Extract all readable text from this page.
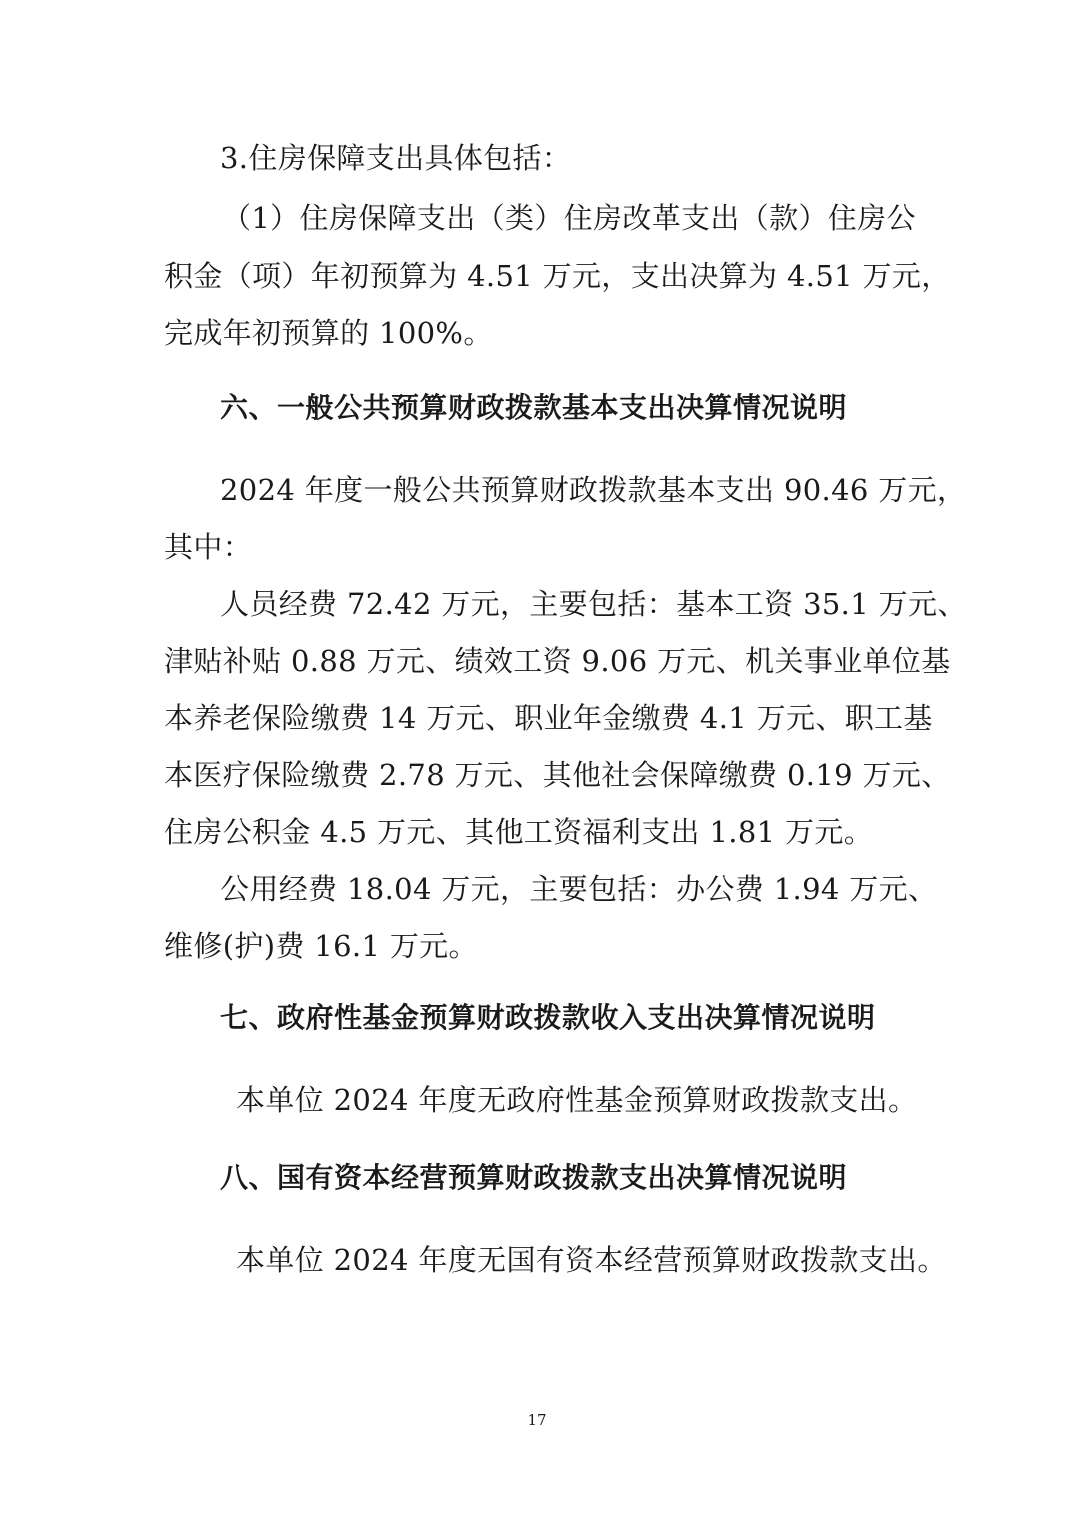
3.住房保障支出具体包括：

（1）住房保障支出（类）住房改革支出（款）住房公

积金（项）年初预算为 4.51 万元，支出决算为 4.51 万元，

完成年初预算的 100%。

六、一般公共预算财政拨款基本支出决算情况说明

2024 年度一般公共预算财政拨款基本支出 90.46 万元，

其中：

人员经费 72.42 万元，主要包括：基本工资 35.1 万元、

津贴补贴 0.88 万元、绩效工资 9.06 万元、机关事业单位基

本养老保险缴费 14 万元、职业年金缴费 4.1 万元、职工基

本医疗保险缴费 2.78 万元、其他社会保障缴费 0.19 万元、

住房公积金 4.5 万元、其他工资福利支出 1.81 万元。

公用经费 18.04 万元，主要包括：办公费 1.94 万元、

维修(护)费 16.1 万元。

七、政府性基金预算财政拨款收入支出决算情况说明

本单位 2024 年度无政府性基金预算财政拨款支出。

八、国有资本经营预算财政拨款支出决算情况说明

本单位 2024 年度无国有资本经营预算财政拨款支出。

17
